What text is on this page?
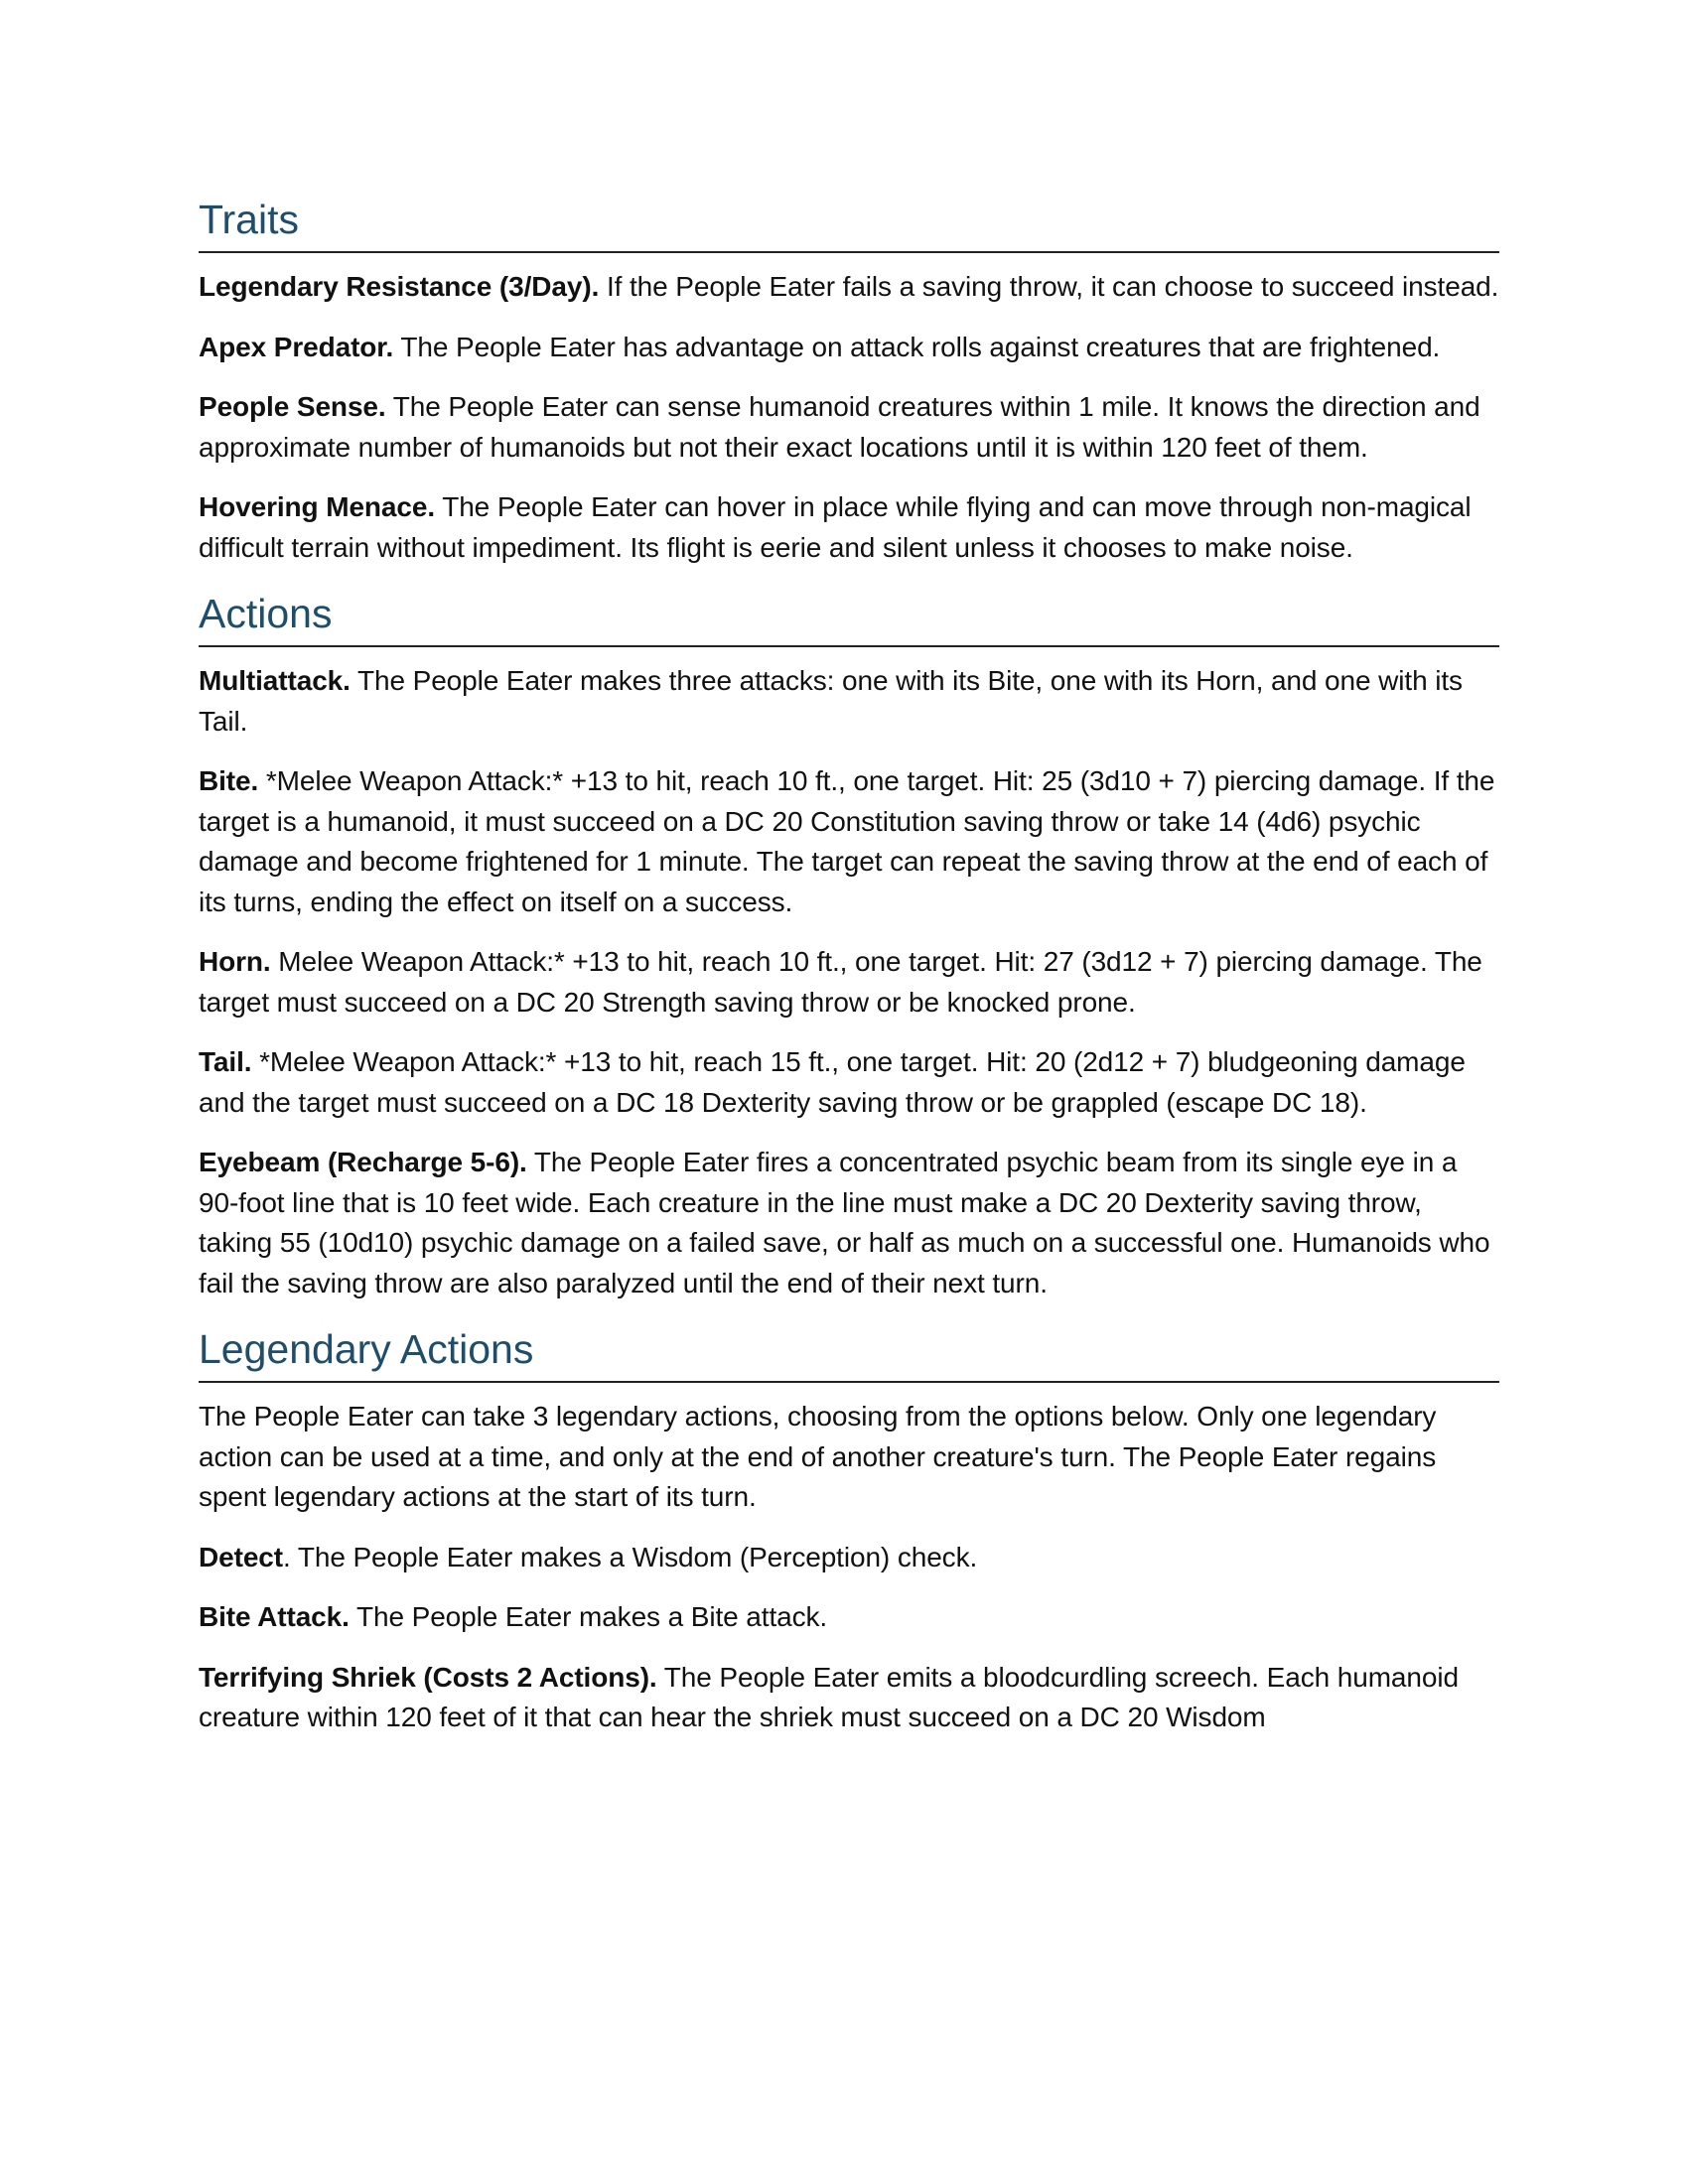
Traits

Legendary Resistance (3/Day). If the People Eater fails a saving throw, it can choose to succeed instead.

Apex Predator. The People Eater has advantage on attack rolls against creatures that are frightened.

People Sense. The People Eater can sense humanoid creatures within 1 mile. It knows the direction and approximate number of humanoids but not their exact locations until it is within 120 feet of them.

Hovering Menace. The People Eater can hover in place while flying and can move through non-magical difficult terrain without impediment. Its flight is eerie and silent unless it chooses to make noise.

Actions

Multiattack. The People Eater makes three attacks: one with its Bite, one with its Horn, and one with its Tail.

Bite. *Melee Weapon Attack:* +13 to hit, reach 10 ft., one target. Hit: 25 (3d10 + 7) piercing damage. If the target is a humanoid, it must succeed on a DC 20 Constitution saving throw or take 14 (4d6) psychic damage and become frightened for 1 minute. The target can repeat the saving throw at the end of each of its turns, ending the effect on itself on a success.

Horn. Melee Weapon Attack:* +13 to hit, reach 10 ft., one target. Hit: 27 (3d12 + 7) piercing damage. The target must succeed on a DC 20 Strength saving throw or be knocked prone.

Tail. *Melee Weapon Attack:* +13 to hit, reach 15 ft., one target. Hit: 20 (2d12 + 7) bludgeoning damage and the target must succeed on a DC 18 Dexterity saving throw or be grappled (escape DC 18).

Eyebeam (Recharge 5-6). The People Eater fires a concentrated psychic beam from its single eye in a 90-foot line that is 10 feet wide. Each creature in the line must make a DC 20 Dexterity saving throw, taking 55 (10d10) psychic damage on a failed save, or half as much on a successful one. Humanoids who fail the saving throw are also paralyzed until the end of their next turn.

Legendary Actions

The People Eater can take 3 legendary actions, choosing from the options below. Only one legendary action can be used at a time, and only at the end of another creature's turn. The People Eater regains spent legendary actions at the start of its turn.

Detect. The People Eater makes a Wisdom (Perception) check.

Bite Attack. The People Eater makes a Bite attack.

Terrifying Shriek (Costs 2 Actions). The People Eater emits a bloodcurdling screech. Each humanoid creature within 120 feet of it that can hear the shriek must succeed on a DC 20 Wisdom
